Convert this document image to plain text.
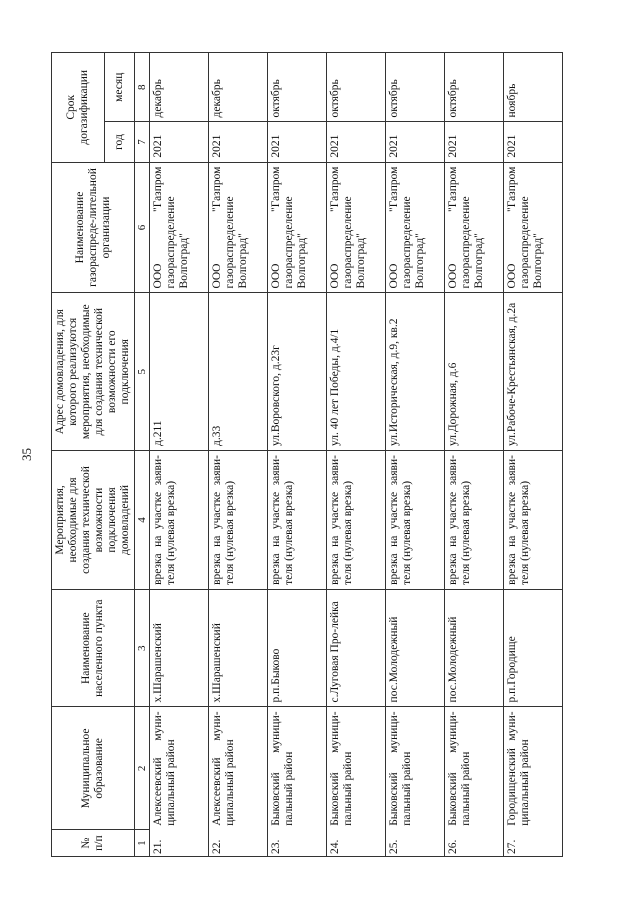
35
№ п/п	Муниципальное образование	Наименование населенного пункта	Мероприятия, необходимые для создания технической возможности подключения домовладений	Адрес домовладения, для которого реализуются мероприятия, необходимые для создания технической возможности его подключения	Наименование газораспреде-лительной организации	Срок догазификации	
						год	месяц
1	2	3	4	5	6	7	8
21.	Алексеевский муни-ципальный район	х.Шарашенский	врезка на участке заяви-теля (нулевая врезка)	д.211	ООО "Газпром газораспределение Волгоград"	2021	декабрь
22.	Алексеевский муни-ципальный район	х.Шарашенский	врезка на участке заяви-теля (нулевая врезка)	д.33	ООО "Газпром газораспределение Волгоград"	2021	декабрь
23.	Быковский муници-пальный район	р.п.Быково	врезка на участке заяви-теля (нулевая врезка)	ул.Воровского, д.23г	ООО "Газпром газораспределение Волгоград"	2021	октябрь
24.	Быковский муници-пальный район	с.Луговая Про-лейка	врезка на участке заяви-теля (нулевая врезка)	ул. 40 лет Победы, д.4/1	ООО "Газпром газораспределение Волгоград"	2021	октябрь
25.	Быковский муници-пальный район	пос.Молодежный	врезка на участке заяви-теля (нулевая врезка)	ул.Историческая, д.9, кв.2	ООО "Газпром газораспределение Волгоград"	2021	октябрь
26.	Быковский муници-пальный район	пос.Молодежный	врезка на участке заяви-теля (нулевая врезка)	ул.Дорожная, д.6	ООО "Газпром газораспределение Волгоград"	2021	октябрь
27.	Городищенский муни-ципальный район	р.п.Городище	врезка на участке заяви-теля (нулевая врезка)	ул.Рабоче-Крестьянская, д.2а	ООО "Газпром газораспределение Волгоград"	2021	ноябрь
